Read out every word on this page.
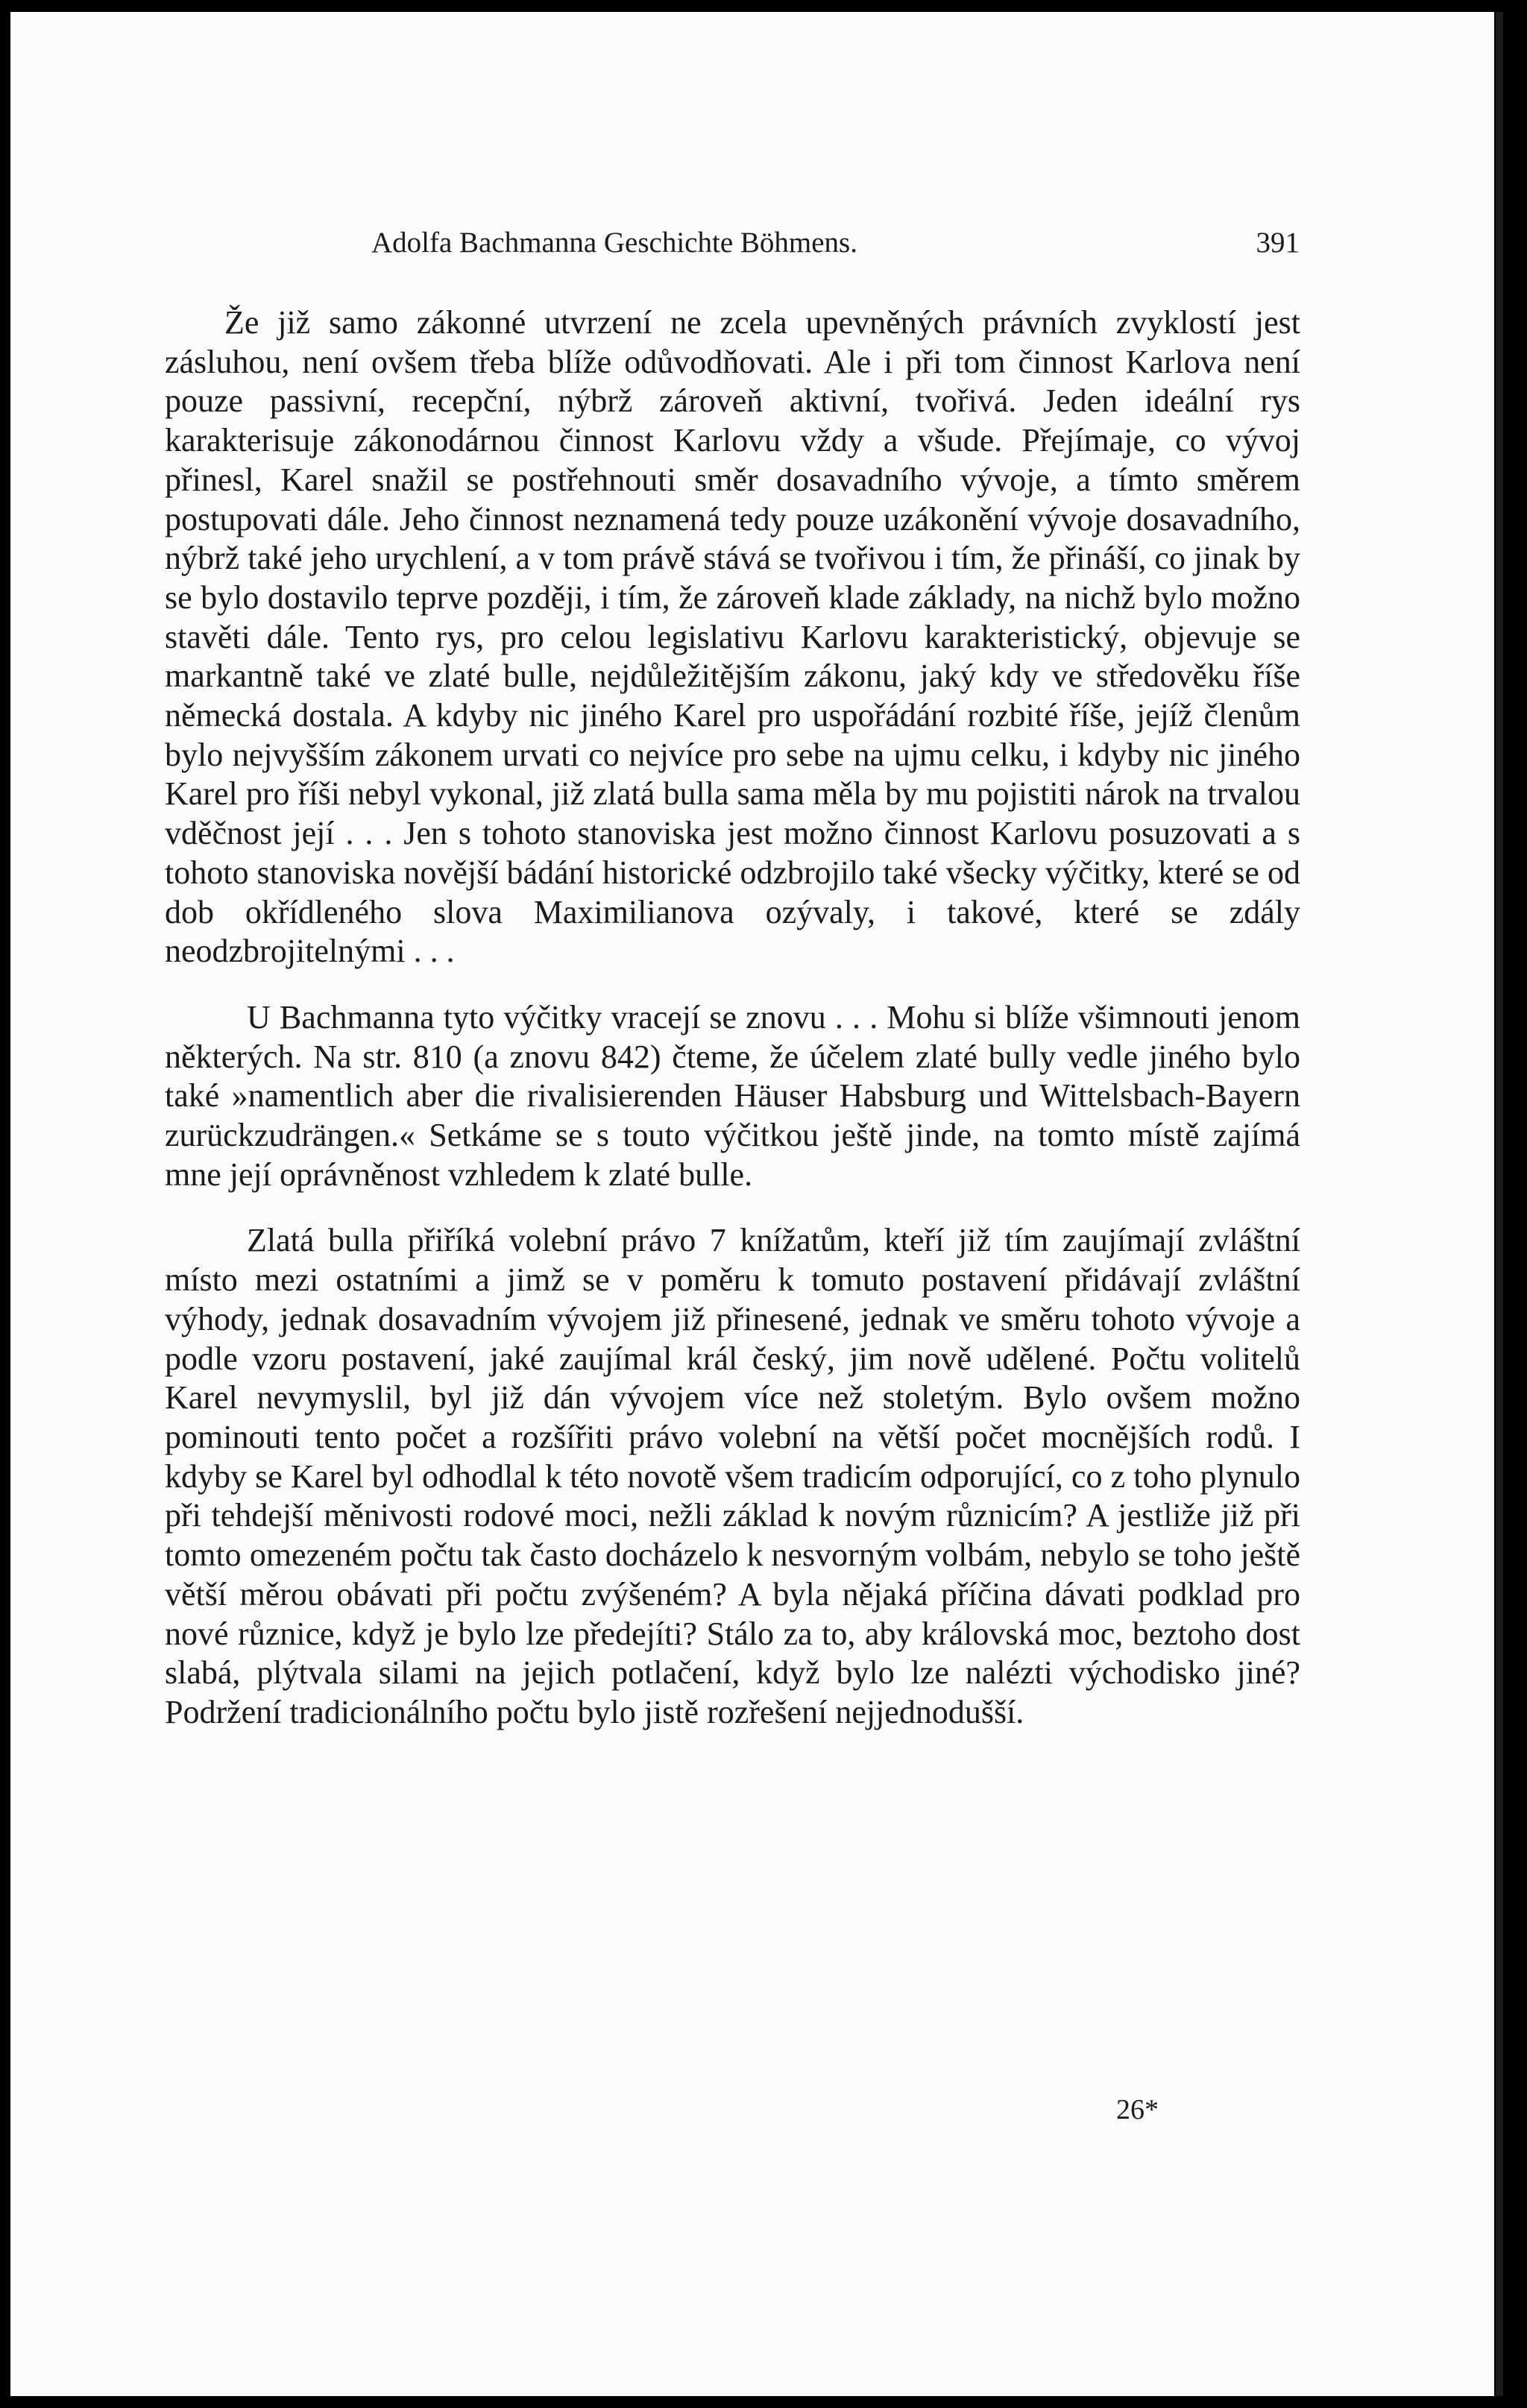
Adolfa Bachmanna Geschichte Böhmens.	391

Že již samo zákonné utvrzení ne zcela upevněných právních zvyklostí jest zásluhou, není ovšem třeba blíže odůvodňovati. Ale i při tom činnost Karlova není pouze passivní, recepční, nýbrž zároveň aktivní, tvořivá. Jeden ideální rys karakterisuje zákonodárnou činnost Karlovu vždy a všude. Přejímaje, co vývoj přinesl, Karel snažil se postřehnouti směr dosavadního vývoje, a tímto směrem postupovati dále. Jeho činnost neznamená tedy pouze uzákonění vývoje dosavadního, nýbrž také jeho urychlení, a v tom právě stává se tvořivou i tím, že přináší, co jinak by se bylo dostavilo teprve později, i tím, že zároveň klade základy, na nichž bylo možno stavěti dále. Tento rys, pro celou legislativu Karlovu karakteristický, objevuje se markantně také ve zlaté bulle, nejdůležitějším zákonu, jaký kdy ve středověku říše německá dostala. A kdyby nic jiného Karel pro uspořádání rozbité říše, jejíž členům bylo nejvyšším zákonem urvati co nejvíce pro sebe na ujmu celku, i kdyby nic jiného Karel pro říši nebyl vykonal, již zlatá bulla sama měla by mu pojistiti nárok na trvalou vděčnost její . . . Jen s tohoto stanoviska jest možno činnost Karlovu posuzovati a s tohoto stanoviska novější bádání historické odzbrojilo také všecky výčitky, které se od dob okřídleného slova Maximilianova ozývaly, i takové, které se zdály neodzbrojitelnými . . .

U Bachmanna tyto výčitky vracejí se znovu . . . Mohu si blíže všimnouti jenom některých. Na str. 810 (a znovu 842) čteme, že účelem zlaté bully vedle jiného bylo také »namentlich aber die rivalisierenden Häuser Habsburg und Wittelsbach-Bayern zurückzudrängen.« Setkáme se s toutо výčitkou ještě jinde, na tomto místě zajímá mne její oprávněnost vzhledem k zlaté bulle.

Zlatá bulla přiříká volební právo 7 knížatům, kteří již tím zaujímají zvláštní místo mezi ostatními a jimž se v poměru k tomuto postavení přidávají zvláštní výhody, jednak dosavadním vývojem již přinesené, jednak ve směru tohoto vývoje a podle vzoru postavení, jaké zaujímal král český, jim nově udělené. Počtu volitelů Karel nevymyslil, byl již dán vývojem více než stoletým. Bylo ovšem možno pominouti tento počet a rozšířiti právo volební na větší počet mocnějších rodů. I kdyby se Karel byl odhodlal k této novotě všem tradicím odporující, co z toho plynulo při tehdejší měnivosti rodové moci, nežli základ k novým různicím? A jestliže již při tomto omezeném počtu tak často docházelo k nesvorným volbám, nebylo se toho ještě větší měrou obávati při počtu zvýšeném? A byla nějaká příčina dávati podklad pro nové různice, když je bylo lze předejíti? Stálo za to, aby královská moc, beztoho dost slabá, plýtvala silami na jejich potlačení, když bylo lze nalézti východisko jiné? Podržení tradicionálního počtu bylo jistě rozřešení nejjednodušší.

26*
